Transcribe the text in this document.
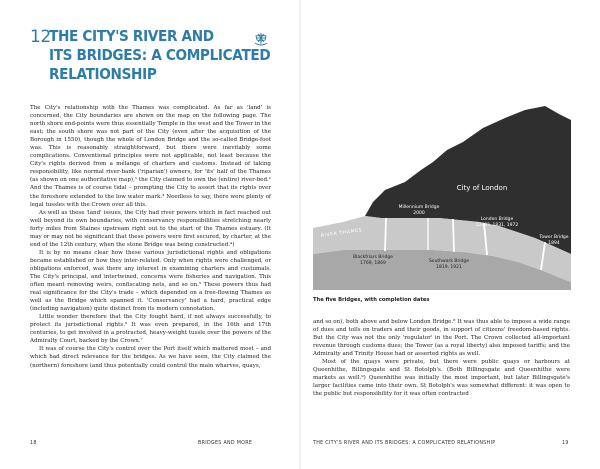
12
THE CITY'S RIVER AND
ITS BRIDGES: A COMPLICATED
RELATIONSHIP

The City's relationship with the Thames was complicated. As far as 'land' is concerned, the City boundaries are shown on the map on the following page. The north shore end-points were thus essentially Temple in the west and the Tower in the east; the south shore was not part of the City (even after the acquisition of the Borough in 1550), though the whole of London Bridge and the so-called Bridge-foot was. This is reasonably straightforward, but there were inevitably some complications. Conventional principles were not applicable, not least because the City's rights derived from a mélange of charters and customs. Instead of taking responsibility, like normal river-bank ('riparian') owners, for 'its' half of the Thames (as shown on one authoritative map),¹ the City claimed to own the (entire) river-bed.² And the Thames is of course tidal – prompting the City to assert that its rights over the foreshore extended to the low water mark.³ Needless to say, there were plenty of legal tussles with the Crown over all this.

As well as these 'land' issues, the City had river powers which in fact reached out well beyond its own boundaries, with conservancy responsibilities stretching nearly forty miles from Staines upstream right out to the start of the Thames estuary. (It may or may not be significant that these powers were first secured, by charter, at the end of the 12th century, when the stone Bridge was being constructed.⁴)

It is by no means clear how these various jurisdictional rights and obligations became established or how they inter-related. Only when rights were challenged, or obligations enforced, was there any interest in examining charters and custumals. The City's principal, and intertwined, concerns were fisheries and navigation. This often meant removing weirs, confiscating nets, and so on.⁵ These powers thus had real significance for the City's trade – which depended on a free-flowing Thames as well as the Bridge which spanned it. 'Conservancy' had a hard, practical edge (including navigation) quite distinct from its modern connotation.

Little wonder therefore that the City fought hard, if not always successfully, to protect its jurisdictional rights.⁶ It was even prepared, in the 16th and 17th centuries, to get involved in a protracted, heavy-weight tussle over the powers of the Admiralty Court, backed by the Crown.⁷

It was of course the City's control over the Port itself which mattered most – and which had direct relevance for the bridges. As we have seen, the City claimed the (northern) foreshore (and thus potentially could control the main wharves, quays,

18	BRIDGES AND MORE
City of London
RIVER THAMES
Millennium Bridge
2000
London Bridge
1209?, 1831, 1972
Blackfriars Bridge
1769, 1869	Southwark Bridge
1819, 1921
Tower Bridge
1894
The five Bridges, with completion dates

and so on), both above and below London Bridge.⁸ It was thus able to impose a wide range of dues and tolls on traders and their goods, in support of citizens' freedom-based rights. But the City was not the only 'regulator' in the Port. The Crown collected all-important revenue through customs dues; the Tower (as a royal liberty) also imposed tariffs; and the Admiralty and Trinity House had or asserted rights as well.

Most of the quays were private, but there were public quays or harbours at Queenhithe, Billingsgate and St Botolph's. (Both Billingsgate and Queenhithe were markets as well.⁹) Queenhithe was initially the most important, but later Billingsgate's larger facilities came into their own. St Botolph's was somewhat different: it was open to the public but responsibility for it was often contracted

THE CITY'S RIVER AND ITS BRIDGES: A COMPLICATED RELATIONSHIP	19
